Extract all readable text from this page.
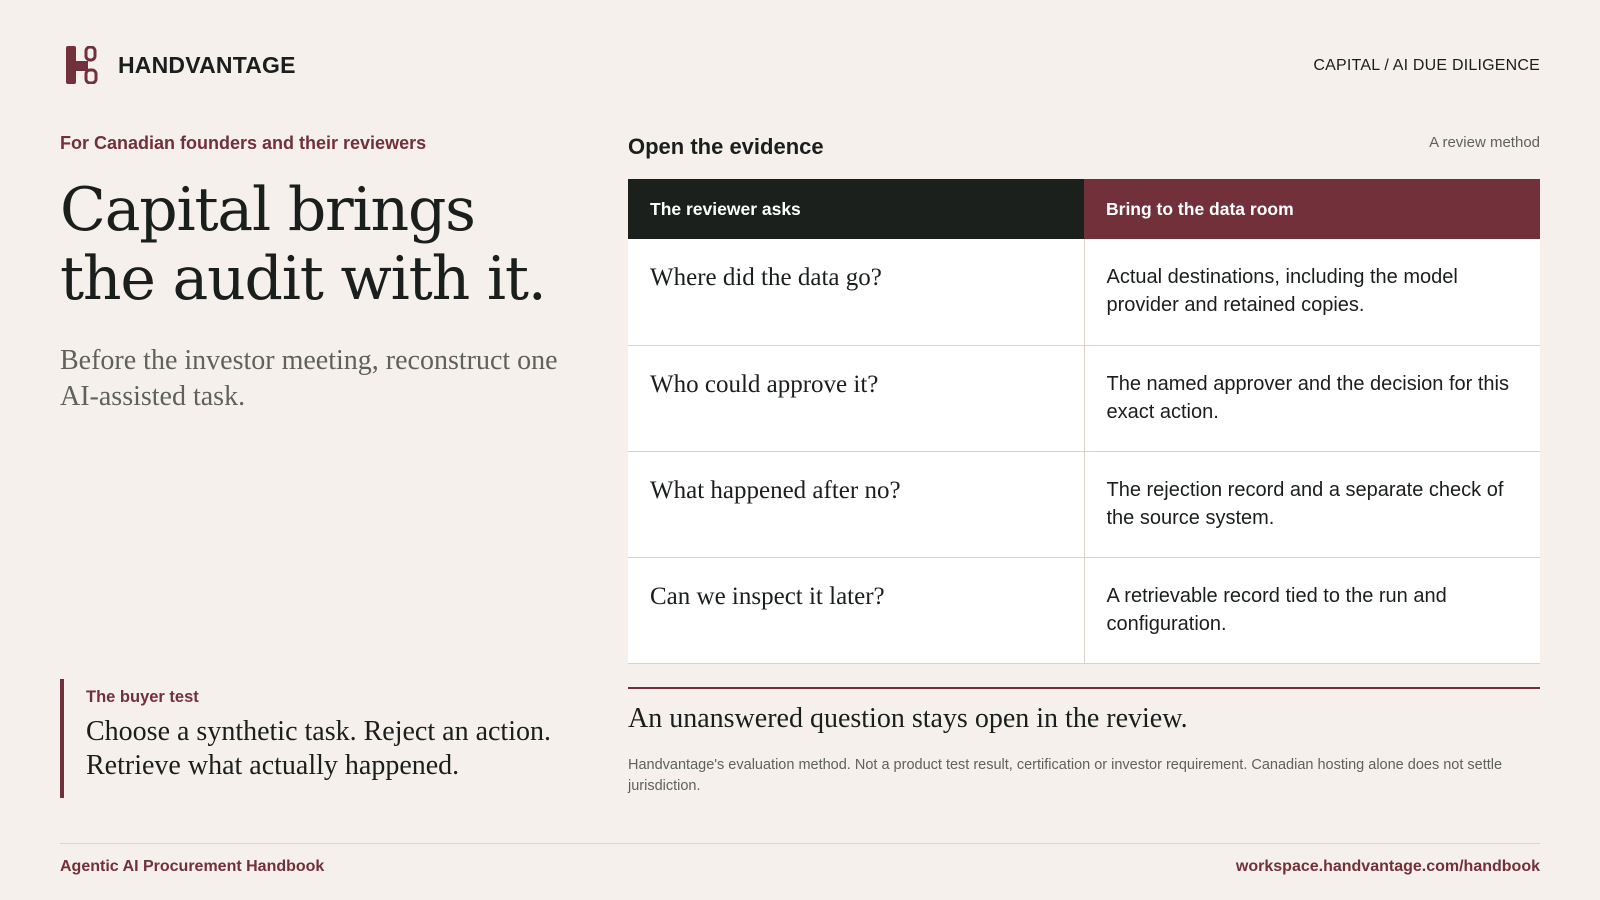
HANDVANTAGE	CAPITAL / AI DUE DILIGENCE
For Canadian founders and their reviewers
Capital brings
the audit with it.

Before the investor meeting, reconstruct one AI-assisted task.

The buyer test
Choose a synthetic task. Reject an action. Retrieve what actually happened.
Open the evidence	A review method
The reviewer asks	Bring to the data room
Where did the data go?	Actual destinations, including the model provider and retained copies.
Who could approve it?	The named approver and the decision for this exact action.
What happened after no?	The rejection record and a separate check of the source system.
Can we inspect it later?	A retrievable record tied to the run and configuration.
An unanswered question stays open in the review.

Handvantage's evaluation method. Not a product test result, certification or investor requirement. Canadian hosting alone does not settle jurisdiction.

Agentic AI Procurement Handbook	workspace.handvantage.com/handbook
